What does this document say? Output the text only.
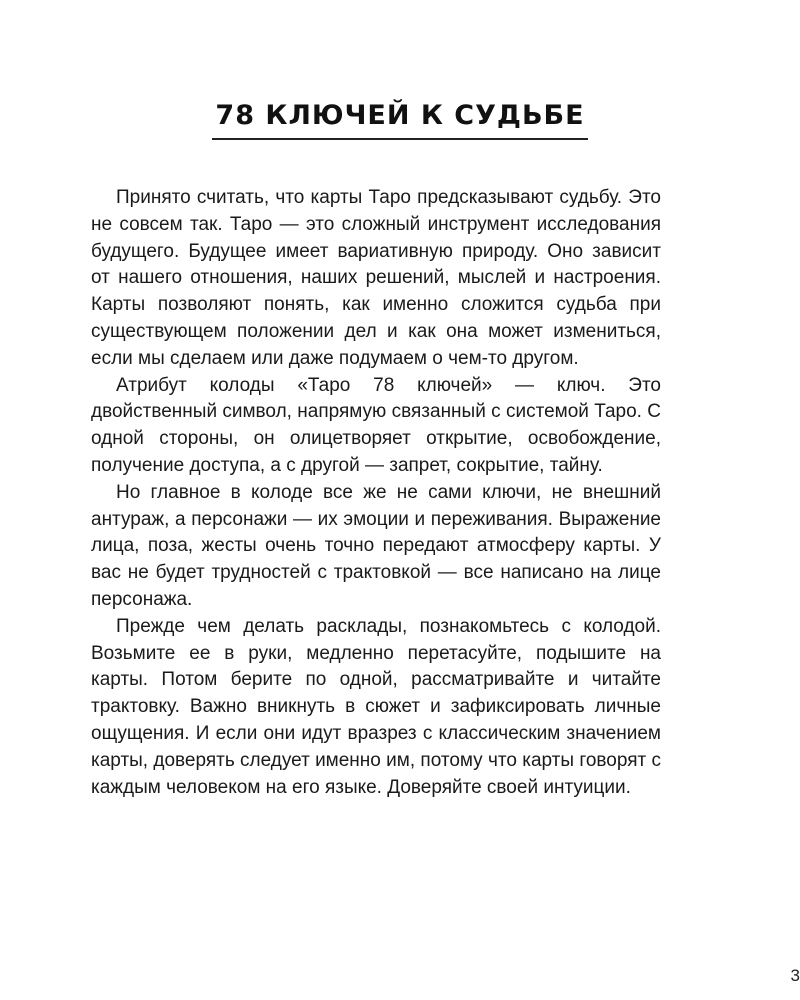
78 КЛЮЧЕЙ К СУДЬБЕ

Принято считать, что карты Таро предсказывают судьбу. Это не совсем так. Таро — это сложный инструмент исследования будущего. Будущее имеет вариативную природу. Оно зависит от нашего отношения, наших решений, мыслей и настроения. Карты позволяют понять, как именно сложится судьба при существующем положении дел и как она может измениться, если мы сделаем или даже подумаем о чем-то другом.

Атрибут колоды «Таро 78 ключей» — ключ. Это двойственный символ, напрямую связанный с системой Таро. С одной стороны, он олицетворяет открытие, освобождение, получение доступа, а с другой — запрет, сокрытие, тайну.

Но главное в колоде все же не сами ключи, не внешний антураж, а персонажи — их эмоции и переживания. Выражение лица, поза, жесты очень точно передают атмосферу карты. У вас не будет трудностей с трактовкой — все написано на лице персонажа.

Прежде чем делать расклады, познакомьтесь с колодой. Возьмите ее в руки, медленно перетасуйте, подышите на карты. Потом берите по одной, рассматривайте и читайте трактовку. Важно вникнуть в сюжет и зафиксировать личные ощущения. И если они идут вразрез с классическим значением карты, доверять следует именно им, потому что карты говорят с каждым человеком на его языке. Доверяйте своей интуиции.

3
